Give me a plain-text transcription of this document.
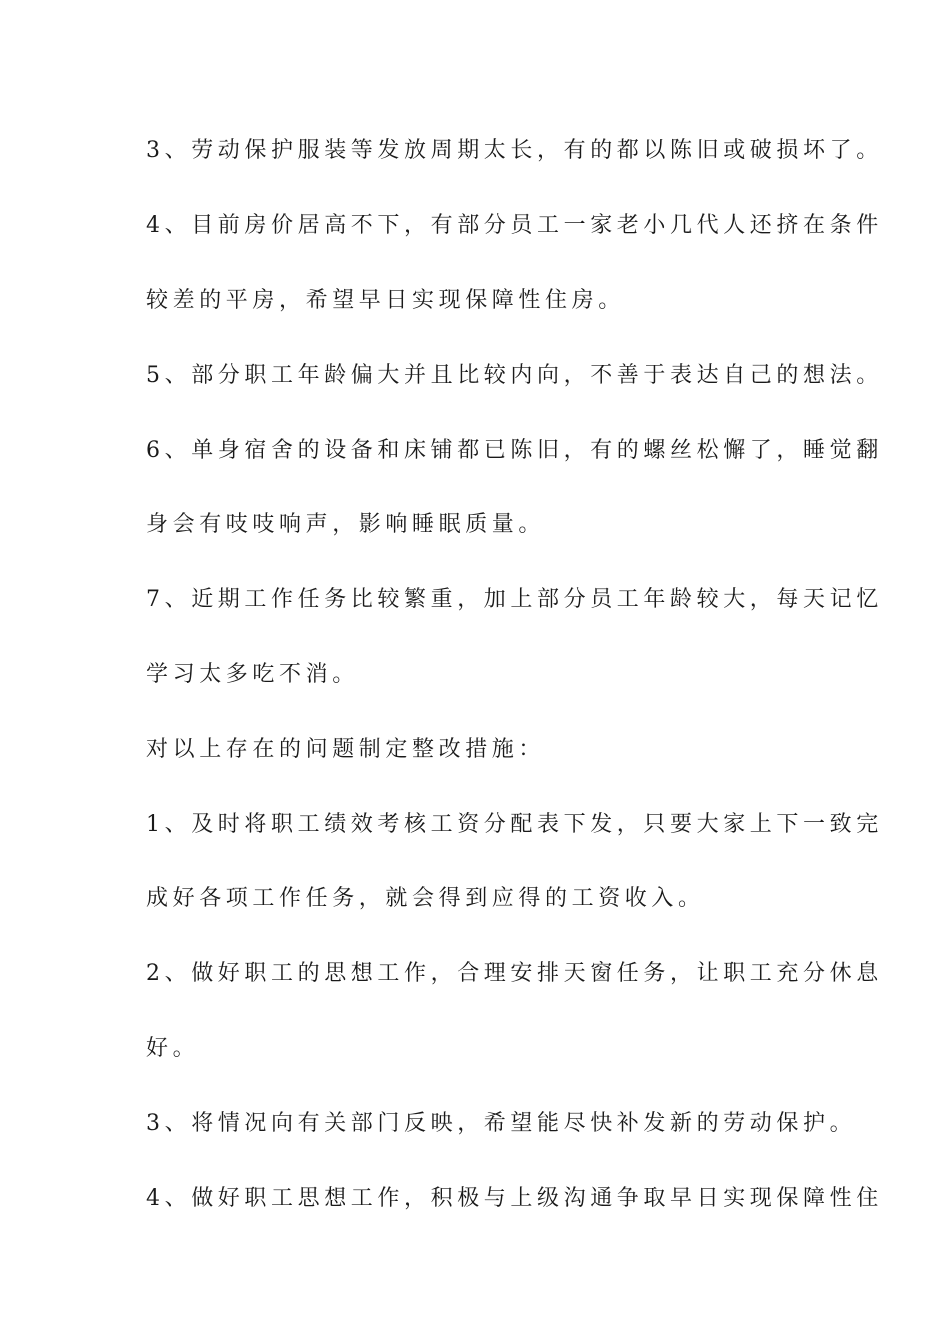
3、劳动保护服装等发放周期太长，有的都以陈旧或破损坏了。
4、目前房价居高不下，有部分员工一家老小几代人还挤在条件
较差的平房，希望早日实现保障性住房。
5、部分职工年龄偏大并且比较内向，不善于表达自己的想法。
6、单身宿舍的设备和床铺都已陈旧，有的螺丝松懈了，睡觉翻
身会有吱吱响声，影响睡眠质量。
7、近期工作任务比较繁重，加上部分员工年龄较大，每天记忆
学习太多吃不消。
对以上存在的问题制定整改措施：
1、及时将职工绩效考核工资分配表下发，只要大家上下一致完
成好各项工作任务，就会得到应得的工资收入。
2、做好职工的思想工作，合理安排天窗任务，让职工充分休息
好。
3、将情况向有关部门反映，希望能尽快补发新的劳动保护。
4、做好职工思想工作，积极与上级沟通争取早日实现保障性住
